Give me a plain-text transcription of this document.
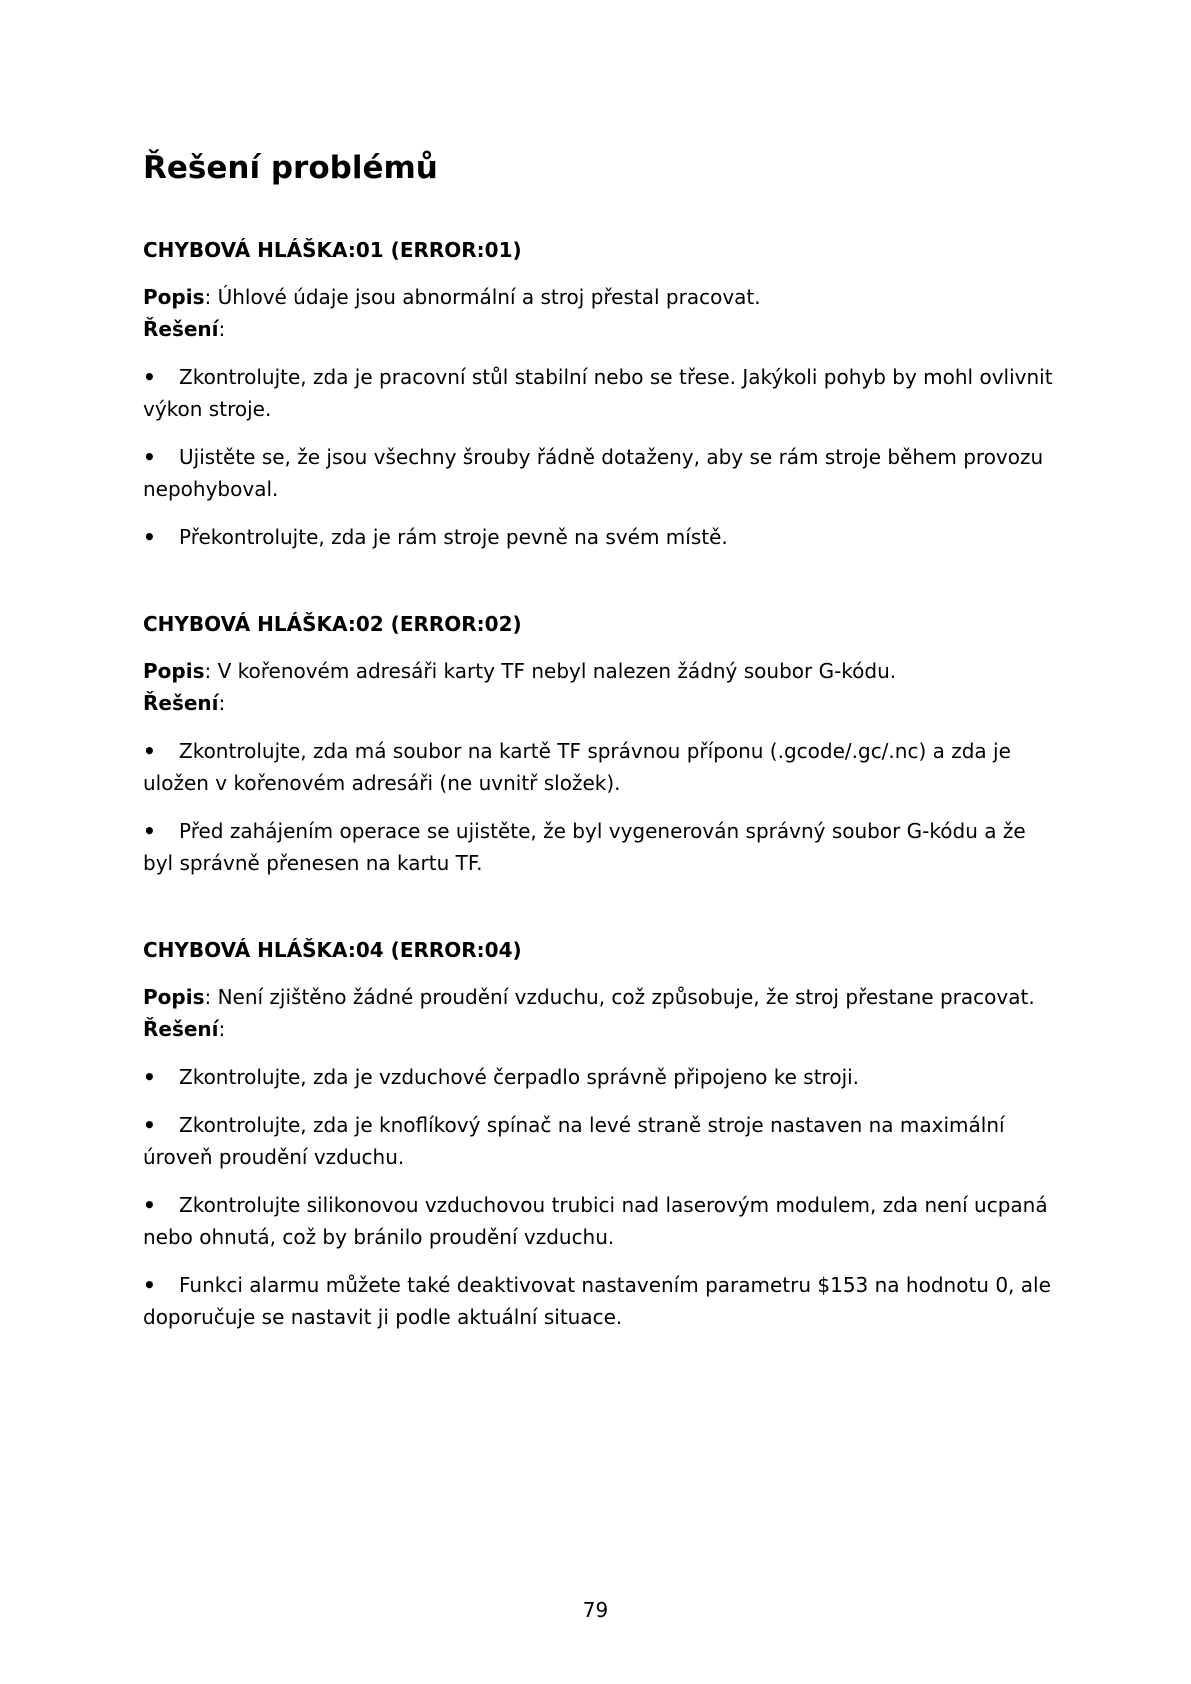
Řešení problémů
CHYBOVÁ HLÁŠKA:01 (ERROR:01)

Popis: Úhlové údaje jsou abnormální a stroj přestal pracovat.

Řešení:

• Zkontrolujte, zda je pracovní stůl stabilní nebo se třese. Jakýkoli pohyb by mohl ovlivnit výkon stroje.
• Ujistěte se, že jsou všechny šrouby řádně dotaženy, aby se rám stroje během provozu nepohyboval.
• Překontrolujte, zda je rám stroje pevně na svém místě.
CHYBOVÁ HLÁŠKA:02 (ERROR:02)

Popis: V kořenovém adresáři karty TF nebyl nalezen žádný soubor G-kódu.

Řešení:

• Zkontrolujte, zda má soubor na kartě TF správnou příponu (.gcode/.gc/.nc) a zda je uložen v kořenovém adresáři (ne uvnitř složek).
• Před zahájením operace se ujistěte, že byl vygenerován správný soubor G-kódu a že byl správně přenesen na kartu TF.
CHYBOVÁ HLÁŠKA:04 (ERROR:04)

Popis: Není zjištěno žádné proudění vzduchu, což způsobuje, že stroj přestane pracovat.

Řešení:

• Zkontrolujte, zda je vzduchové čerpadlo správně připojeno ke stroji.
• Zkontrolujte, zda je knoflíkový spínač na levé straně stroje nastaven na maximální úroveň proudění vzduchu.
• Zkontrolujte silikonovou vzduchovou trubici nad laserovým modulem, zda není ucpaná nebo ohnutá, což by bránilo proudění vzduchu.
• Funkci alarmu můžete také deaktivovat nastavením parametru $153 na hodnotu 0, ale doporučuje se nastavit ji podle aktuální situace.
79
